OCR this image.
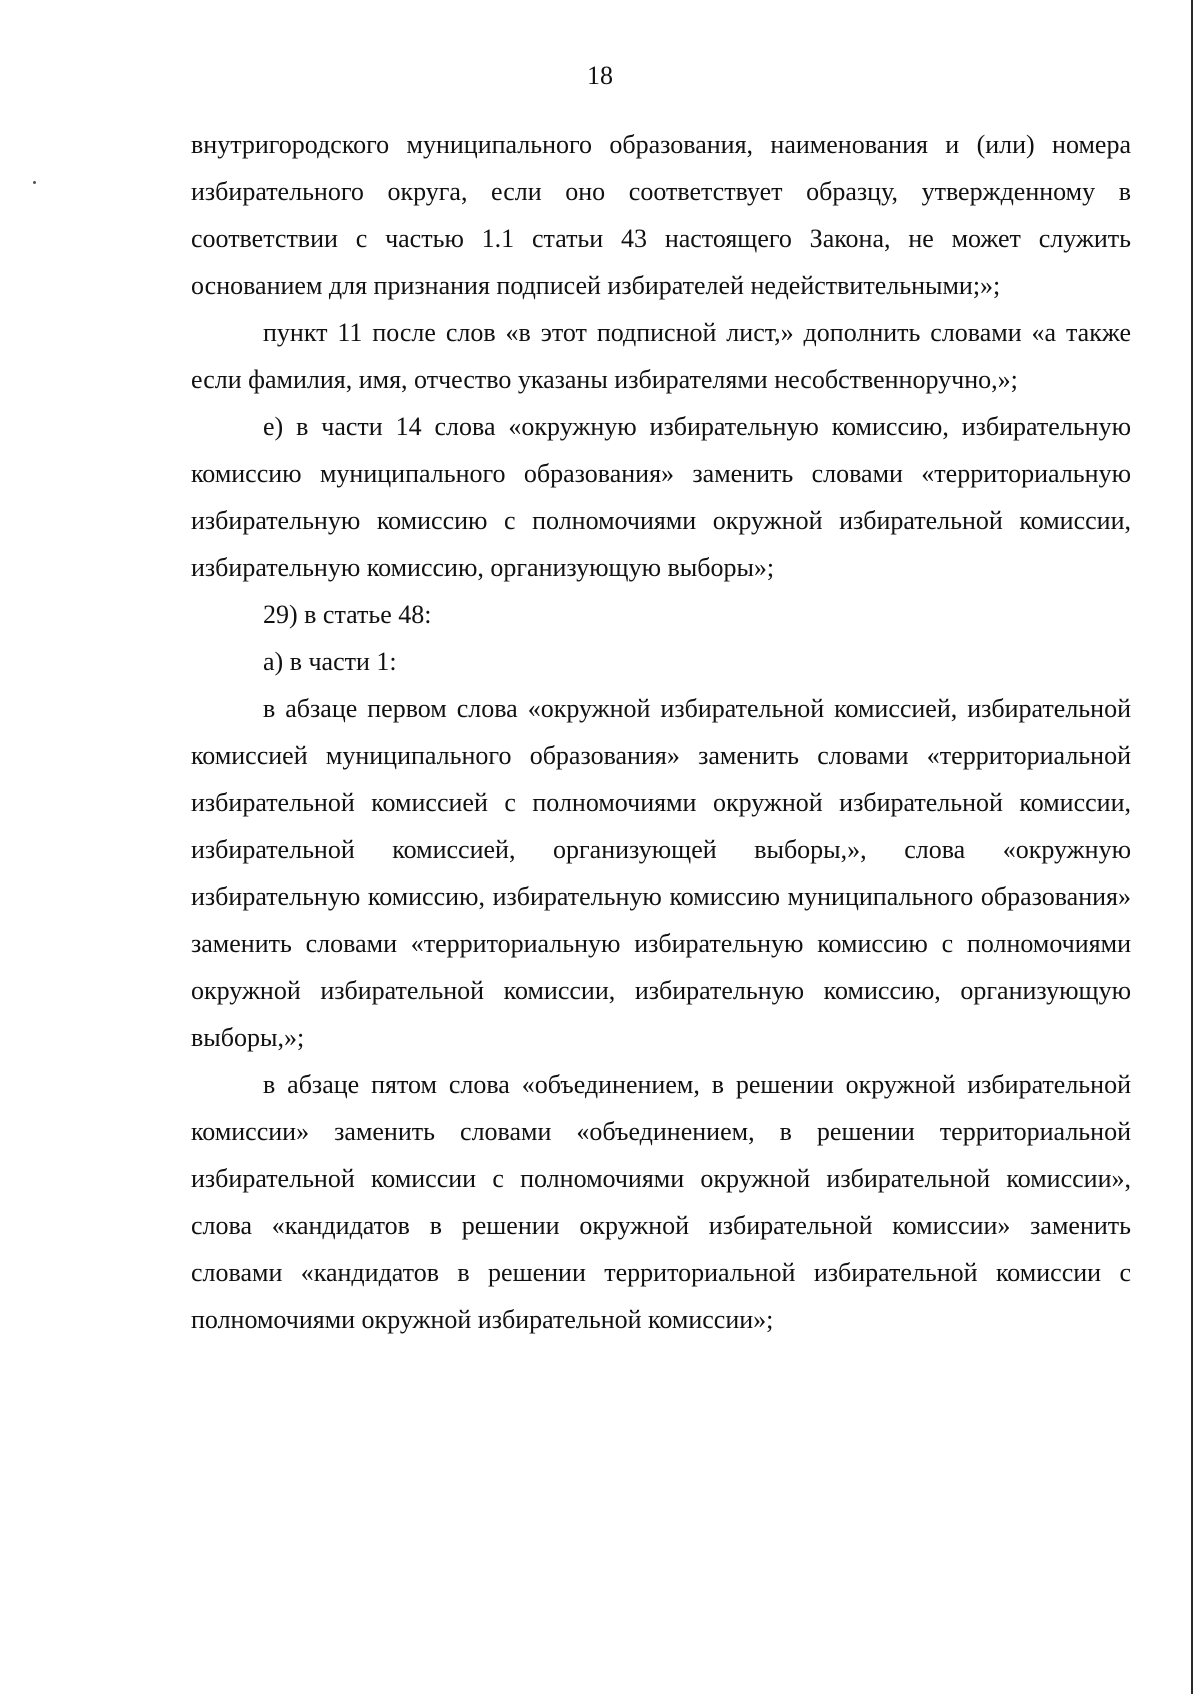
18

внутригородского муниципального образования, наименования и (или) номера избирательного округа, если оно соответствует образцу, утвержденному в соответствии с частью 1.1 статьи 43 настоящего Закона, не может служить основанием для признания подписей избирателей недействительными;»;

пункт 11 после слов «в этот подписной лист,» дополнить словами «а также если фамилия, имя, отчество указаны избирателями несобственноручно,»;

е) в части 14 слова «окружную избирательную комиссию, избирательную комиссию муниципального образования» заменить словами «территориальную избирательную комиссию с полномочиями окружной избирательной комиссии, избирательную комиссию, организующую выборы»;

29) в статье 48:

а) в части 1:

в абзаце первом слова «окружной избирательной комиссией, избирательной комиссией муниципального образования» заменить словами «территориальной избирательной комиссией с полномочиями окружной избирательной комиссии, избирательной комиссией, организующей выборы,», слова «окружную избирательную комиссию, избирательную комиссию муниципального образования» заменить словами «территориальную избирательную комиссию с полномочиями окружной избирательной комиссии, избирательную комиссию, организующую выборы,»;

в абзаце пятом слова «объединением, в решении окружной избирательной комиссии» заменить словами «объединением, в решении территориальной избирательной комиссии с полномочиями окружной избирательной комиссии», слова «кандидатов в решении окружной избирательной комиссии» заменить словами «кандидатов в решении территориальной избирательной комиссии с полномочиями окружной избирательной комиссии»;
